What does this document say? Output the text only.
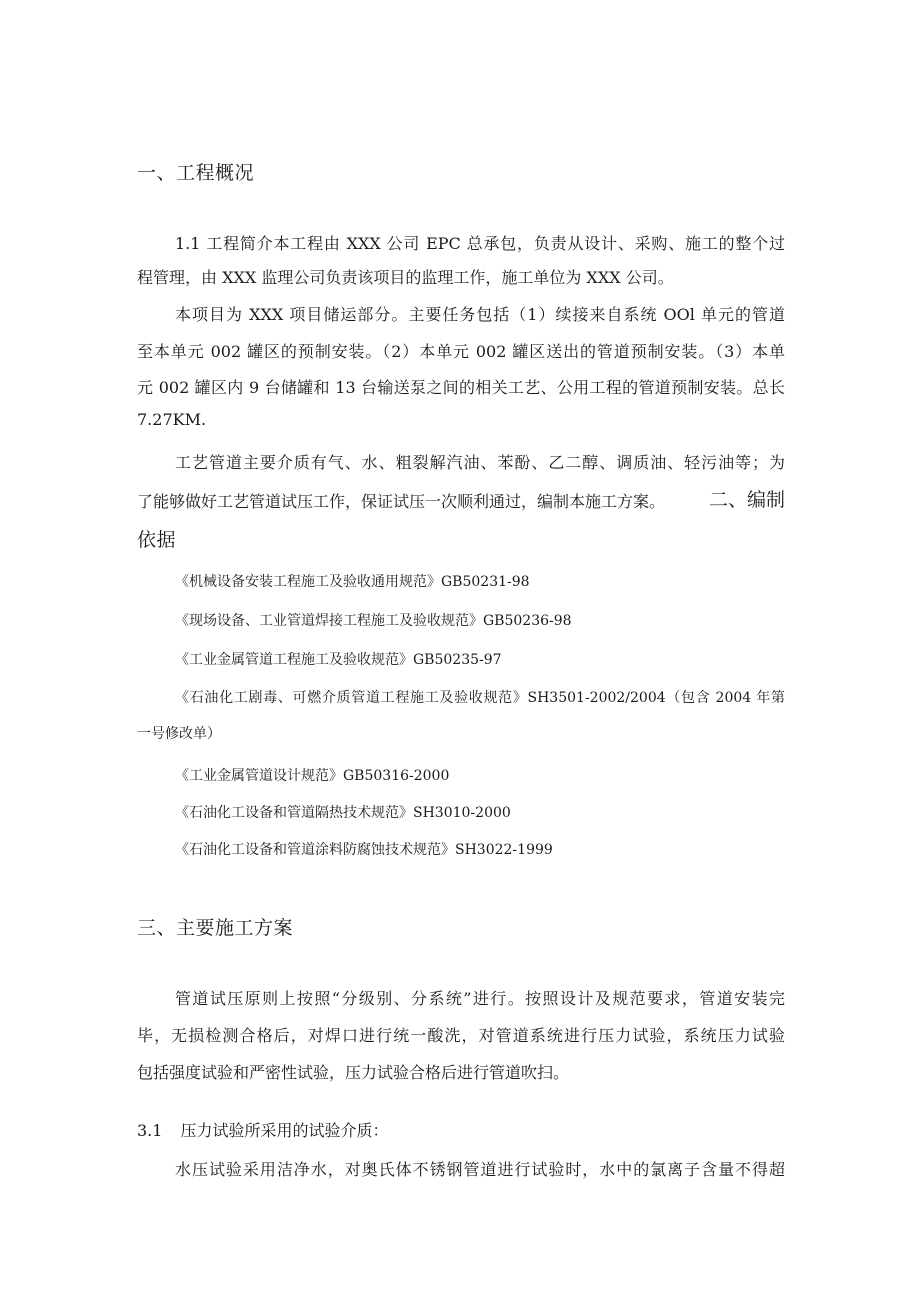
一、工程概况
1.1 工程简介本工程由 XXX 公司 EPC 总承包，负责从设计、采购、施工的整个过
程管理，由 XXX 监理公司负责该项目的监理工作，施工单位为 XXX 公司。
本项目为 XXX 项目储运部分。主要任务包括（1）续接来自系统 OOl 单元的管道
至本单元 002 罐区的预制安装。（2）本单元 002 罐区送出的管道预制安装。（3）本单
元 002 罐区内 9 台储罐和 13 台输送泵之间的相关工艺、公用工程的管道预制安装。总长
7.27KM.
工艺管道主要介质有气、水、粗裂解汽油、苯酚、乙二醇、调质油、轻污油等；为
了能够做好工艺管道试压工作，保证试压一次顺利通过，编制本施工方案。 二、编制
依据
《机械设备安装工程施工及验收通用规范》GB50231-98
《现场设备、工业管道焊接工程施工及验收规范》GB50236-98
《工业金属管道工程施工及验收规范》GB50235-97
《石油化工剧毒、可燃介质管道工程施工及验收规范》SH3501-2002/2004（包含 2004 年第
一号修改单）
《工业金属管道设计规范》GB50316-2000
《石油化工设备和管道隔热技术规范》SH3010-2000
《石油化工设备和管道涂料防腐蚀技术规范》SH3022-1999
三、主要施工方案
管道试压原则上按照“分级别、分系统”进行。按照设计及规范要求，管道安装完
毕，无损检测合格后，对焊口进行统一酸洗，对管道系统进行压力试验，系统压力试验
包括强度试验和严密性试验，压力试验合格后进行管道吹扫。
3.1 压力试验所采用的试验介质：
水压试验采用洁净水，对奥氏体不锈钢管道进行试验时，水中的氯离子含量不得超
